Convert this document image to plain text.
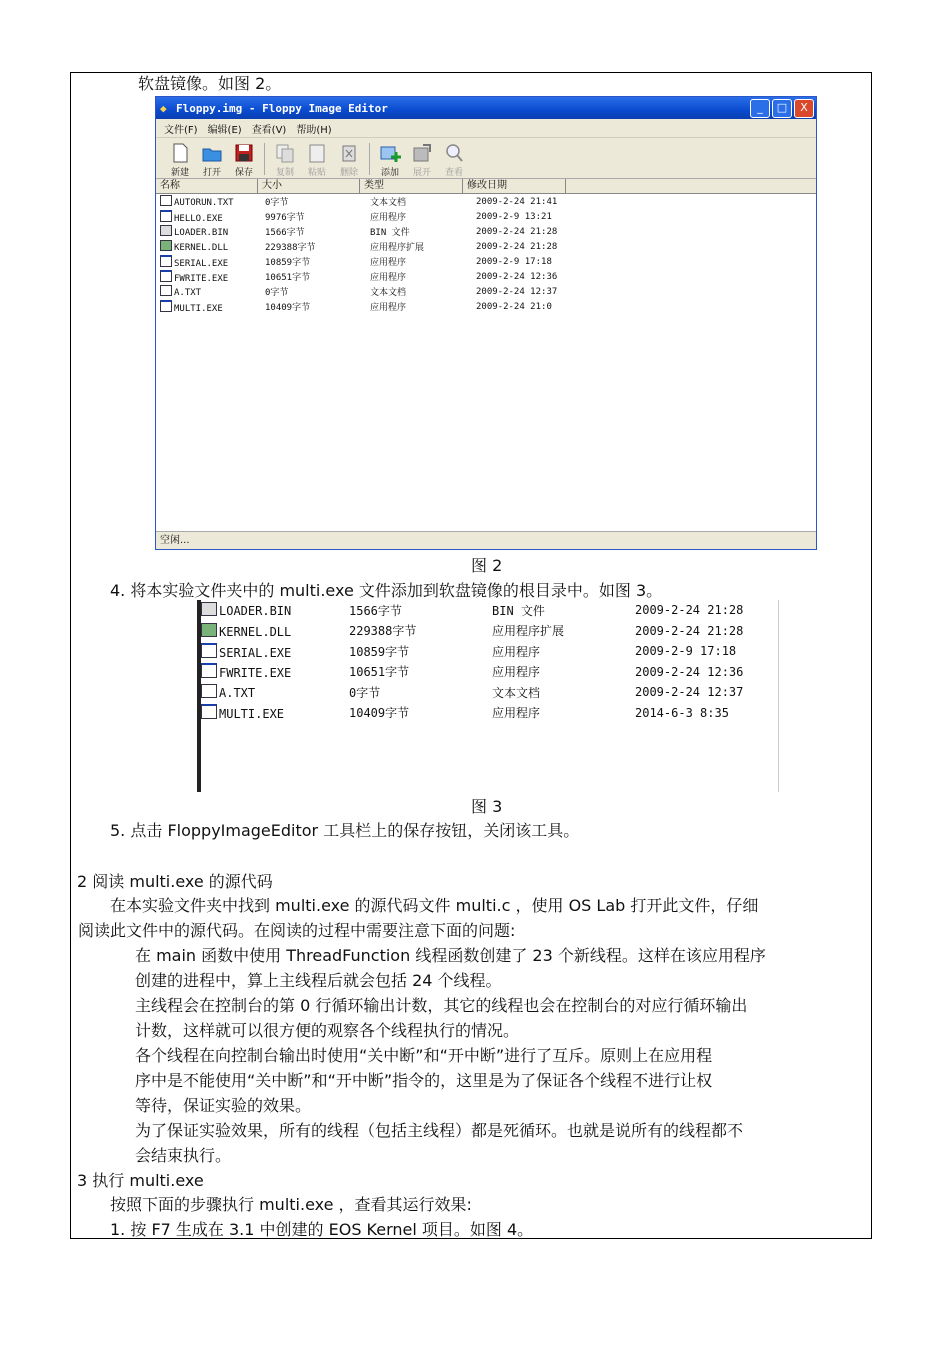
软盘镜像。如图 2。
◆ Floppy.img - Floppy Image Editor	_	□	X
文件(F) 编辑(E) 查看(V) 帮助(H)
新建	打开	保存	复制	粘贴	删除	添加	展开	查看
名称	大小	类型	修改日期
AUTORUN.TXT	0字节	文本文档	2009-2-24 21:41
HELLO.EXE	9976字节	应用程序	2009-2-9 13:21
LOADER.BIN	1566字节	BIN 文件	2009-2-24 21:28
KERNEL.DLL	229388字节	应用程序扩展	2009-2-24 21:28
SERIAL.EXE	10859字节	应用程序	2009-2-9 17:18
FWRITE.EXE	10651字节	应用程序	2009-2-24 12:36
A.TXT	0字节	文本文档	2009-2-24 12:37
MULTI.EXE	10409字节	应用程序	2009-2-24 21:0
空闲...
图 2
4. 将本实验文件夹中的 multi.exe 文件添加到软盘镜像的根目录中。如图 3。
LOADER.BIN	1566字节	BIN 文件	2009-2-24 21:28
KERNEL.DLL	229388字节	应用程序扩展	2009-2-24 21:28
SERIAL.EXE	10859字节	应用程序	2009-2-9 17:18
FWRITE.EXE	10651字节	应用程序	2009-2-24 12:36
A.TXT	0字节	文本文档	2009-2-24 12:37
MULTI.EXE	10409字节	应用程序	2014-6-3 8:35
图 3
5. 点击 FloppyImageEditor 工具栏上的保存按钮，关闭该工具。
2 阅读 multi.exe 的源代码
在本实验文件夹中找到 multi.exe 的源代码文件 multi.c ，使用 OS Lab 打开此文件，仔细
阅读此文件中的源代码。在阅读的过程中需要注意下面的问题:
在 main 函数中使用 ThreadFunction 线程函数创建了 23 个新线程。这样在该应用程序
创建的进程中，算上主线程后就会包括 24 个线程。
主线程会在控制台的第 0 行循环输出计数，其它的线程也会在控制台的对应行循环输出
计数，这样就可以很方便的观察各个线程执行的情况。
各个线程在向控制台输出时使用“关中断”和“开中断”进行了互斥。原则上在应用程
序中是不能使用“关中断”和“开中断”指令的，这里是为了保证各个线程不进行让权
等待，保证实验的效果。
为了保证实验效果，所有的线程（包括主线程）都是死循环。也就是说所有的线程都不
会结束执行。
3 执行 multi.exe
按照下面的步骤执行 multi.exe ，查看其运行效果:
1. 按 F7 生成在 3.1 中创建的 EOS Kernel 项目。如图 4。
